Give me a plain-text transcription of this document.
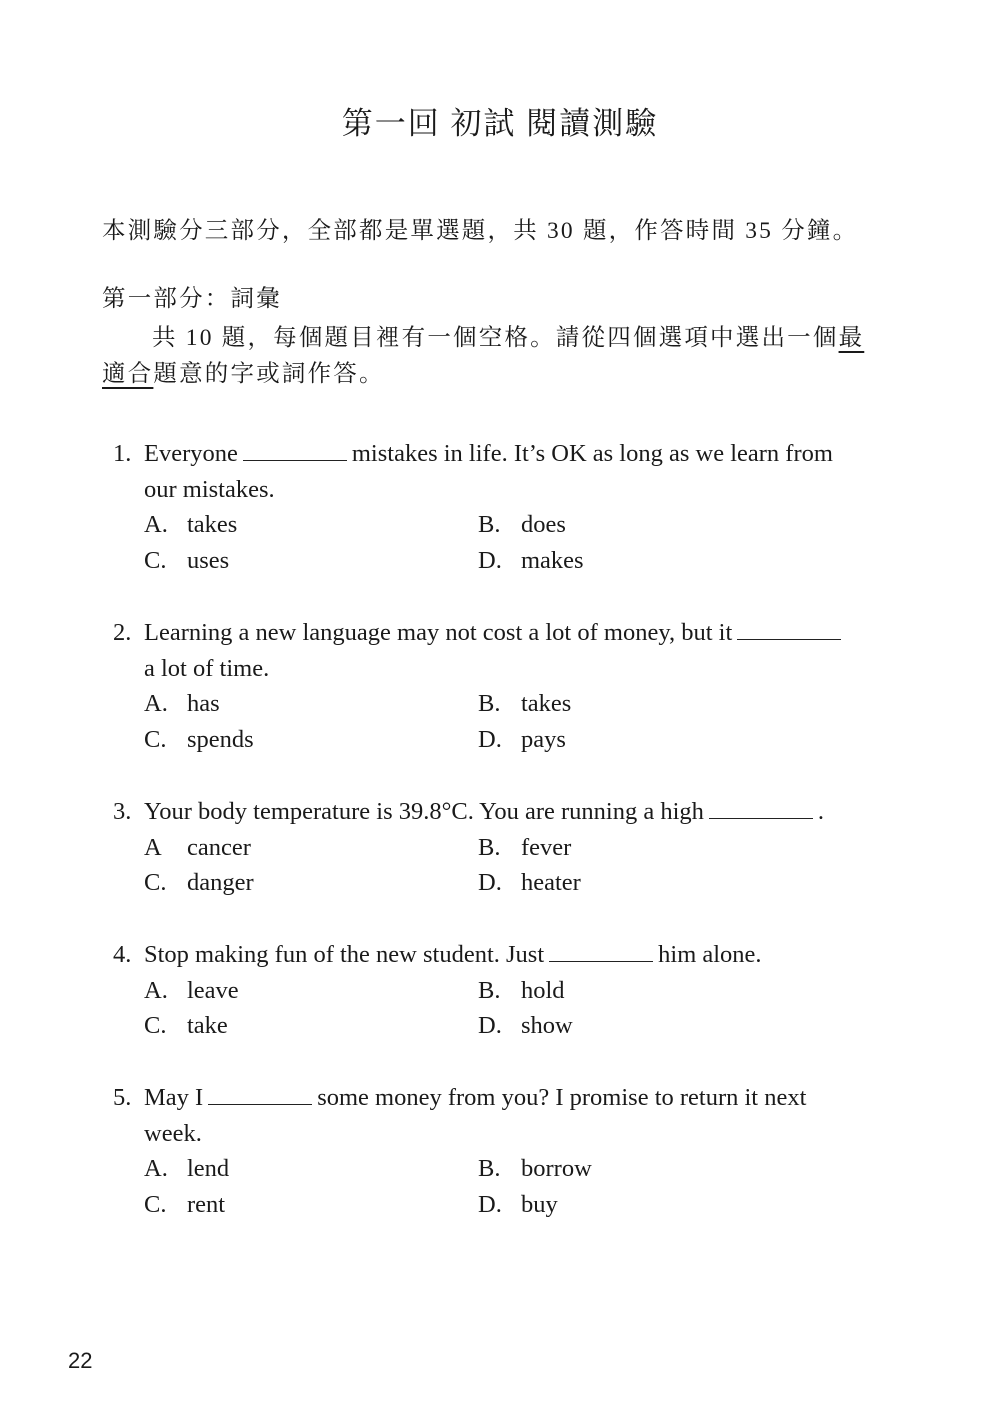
第一回 初試 閱讀測驗
本測驗分三部分，全部都是單選題，共 30 題，作答時間 35 分鐘。
第一部分：詞彙
共 10 題，每個題目裡有一個空格。請從四個選項中選出一個最
適合題意的字或詞作答。
1. Everyone	mistakes in life. It’s OK as long as we learn from
our mistakes.
A. takes	B. does
C. uses	D. makes
2. Learning a new language may not cost a lot of money, but it
a lot of time.
A. has	B. takes
C. spends	D. pays
3. Your body temperature is 39.8°C. You are running a high	.
A cancer	B. fever
C. danger	D. heater
4. Stop making fun of the new student. Just	him alone.
A. leave	B. hold
C. take	D. show
5. May I	some money from you? I promise to return it next
week.
A. lend	B. borrow
C. rent	D. buy
22
